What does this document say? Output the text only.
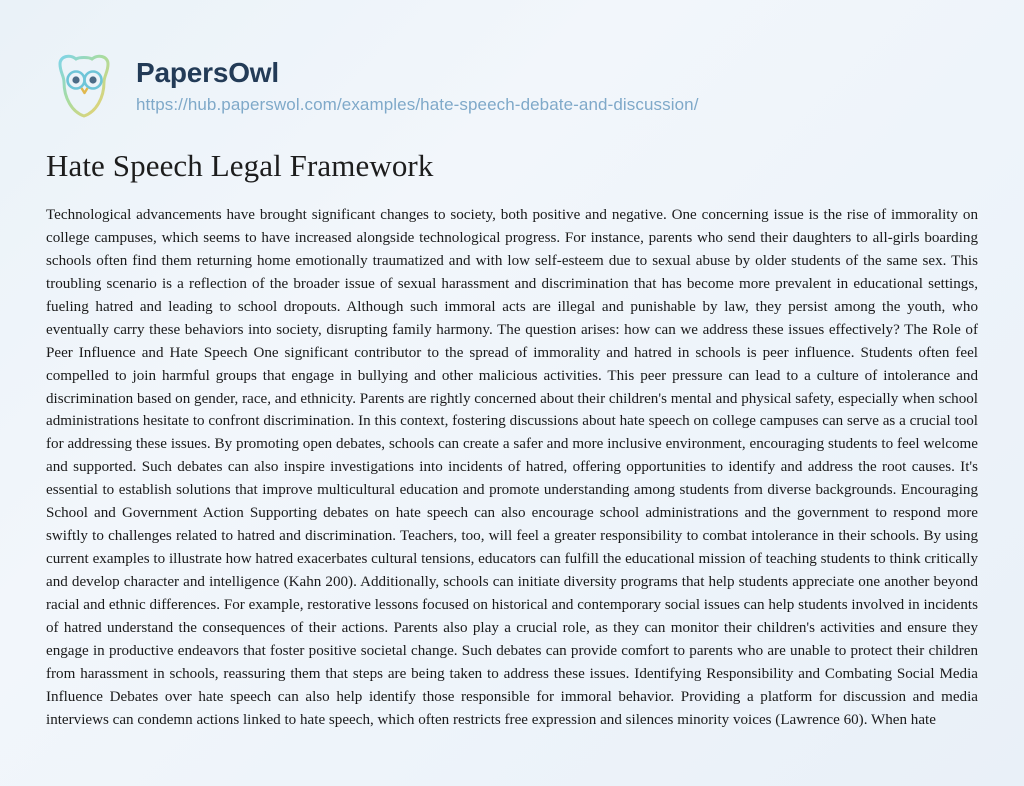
PapersOwl
https://hub.paperswol.com/examples/hate-speech-debate-and-discussion/
Hate Speech Legal Framework

Technological advancements have brought significant changes to society, both positive and negative. One concerning issue is the rise of immorality on college campuses, which seems to have increased alongside technological progress. For instance, parents who send their daughters to all-girls boarding schools often find them returning home emotionally traumatized and with low self-esteem due to sexual abuse by older students of the same sex. This troubling scenario is a reflection of the broader issue of sexual harassment and discrimination that has become more prevalent in educational settings, fueling hatred and leading to school dropouts. Although such immoral acts are illegal and punishable by law, they persist among the youth, who eventually carry these behaviors into society, disrupting family harmony. The question arises: how can we address these issues effectively? The Role of Peer Influence and Hate Speech One significant contributor to the spread of immorality and hatred in schools is peer influence. Students often feel compelled to join harmful groups that engage in bullying and other malicious activities. This peer pressure can lead to a culture of intolerance and discrimination based on gender, race, and ethnicity. Parents are rightly concerned about their children's mental and physical safety, especially when school administrations hesitate to confront discrimination. In this context, fostering discussions about hate speech on college campuses can serve as a crucial tool for addressing these issues. By promoting open debates, schools can create a safer and more inclusive environment, encouraging students to feel welcome and supported. Such debates can also inspire investigations into incidents of hatred, offering opportunities to identify and address the root causes. It's essential to establish solutions that improve multicultural education and promote understanding among students from diverse backgrounds. Encouraging School and Government Action Supporting debates on hate speech can also encourage school administrations and the government to respond more swiftly to challenges related to hatred and discrimination. Teachers, too, will feel a greater responsibility to combat intolerance in their schools. By using current examples to illustrate how hatred exacerbates cultural tensions, educators can fulfill the educational mission of teaching students to think critically and develop character and intelligence (Kahn 200). Additionally, schools can initiate diversity programs that help students appreciate one another beyond racial and ethnic differences. For example, restorative lessons focused on historical and contemporary social issues can help students involved in incidents of hatred understand the consequences of their actions. Parents also play a crucial role, as they can monitor their children's activities and ensure they engage in productive endeavors that foster positive societal change. Such debates can provide comfort to parents who are unable to protect their children from harassment in schools, reassuring them that steps are being taken to address these issues. Identifying Responsibility and Combating Social Media Influence Debates over hate speech can also help identify those responsible for immoral behavior. Providing a platform for discussion and media interviews can condemn actions linked to hate speech, which often restricts free expression and silences minority voices (Lawrence 60). When hate
